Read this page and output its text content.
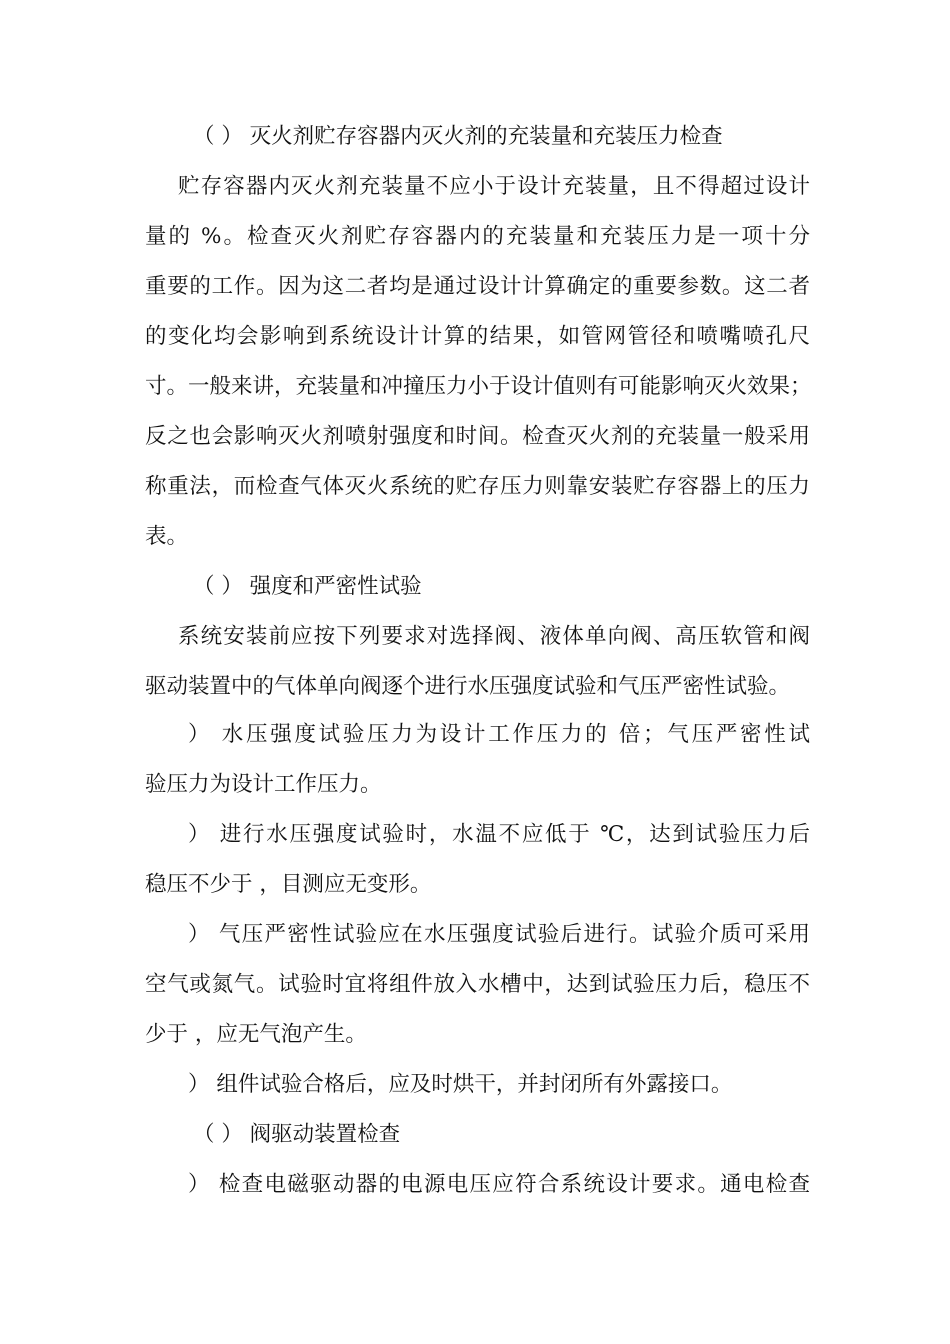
（ ） 灭火剂贮存容器内灭火剂的充装量和充装压力检查
贮存容器内灭火剂充装量不应小于设计充装量，且不得超过设计
量的 %。检查灭火剂贮存容器内的充装量和充装压力是一项十分
重要的工作。因为这二者均是通过设计计算确定的重要参数。这二者
的变化均会影响到系统设计计算的结果，如管网管径和喷嘴喷孔尺
寸。一般来讲，充装量和冲撞压力小于设计值则有可能影响灭火效果；
反之也会影响灭火剂喷射强度和时间。检查灭火剂的充装量一般采用
称重法，而检查气体灭火系统的贮存压力则靠安装贮存容器上的压力
表。
（ ） 强度和严密性试验
系统安装前应按下列要求对选择阀、液体单向阀、高压软管和阀
驱动装置中的气体单向阀逐个进行水压强度试验和气压严密性试验。
） 水压强度试验压力为设计工作压力的 倍；气压严密性试
验压力为设计工作压力。
） 进行水压强度试验时，水温不应低于 ℃，达到试验压力后
稳压不少于 ，目测应无变形。
） 气压严密性试验应在水压强度试验后进行。试验介质可采用
空气或氮气。试验时宜将组件放入水槽中，达到试验压力后，稳压不
少于 ，应无气泡产生。
） 组件试验合格后，应及时烘干，并封闭所有外露接口。
（ ） 阀驱动装置检查
） 检查电磁驱动器的电源电压应符合系统设计要求。通电检查
